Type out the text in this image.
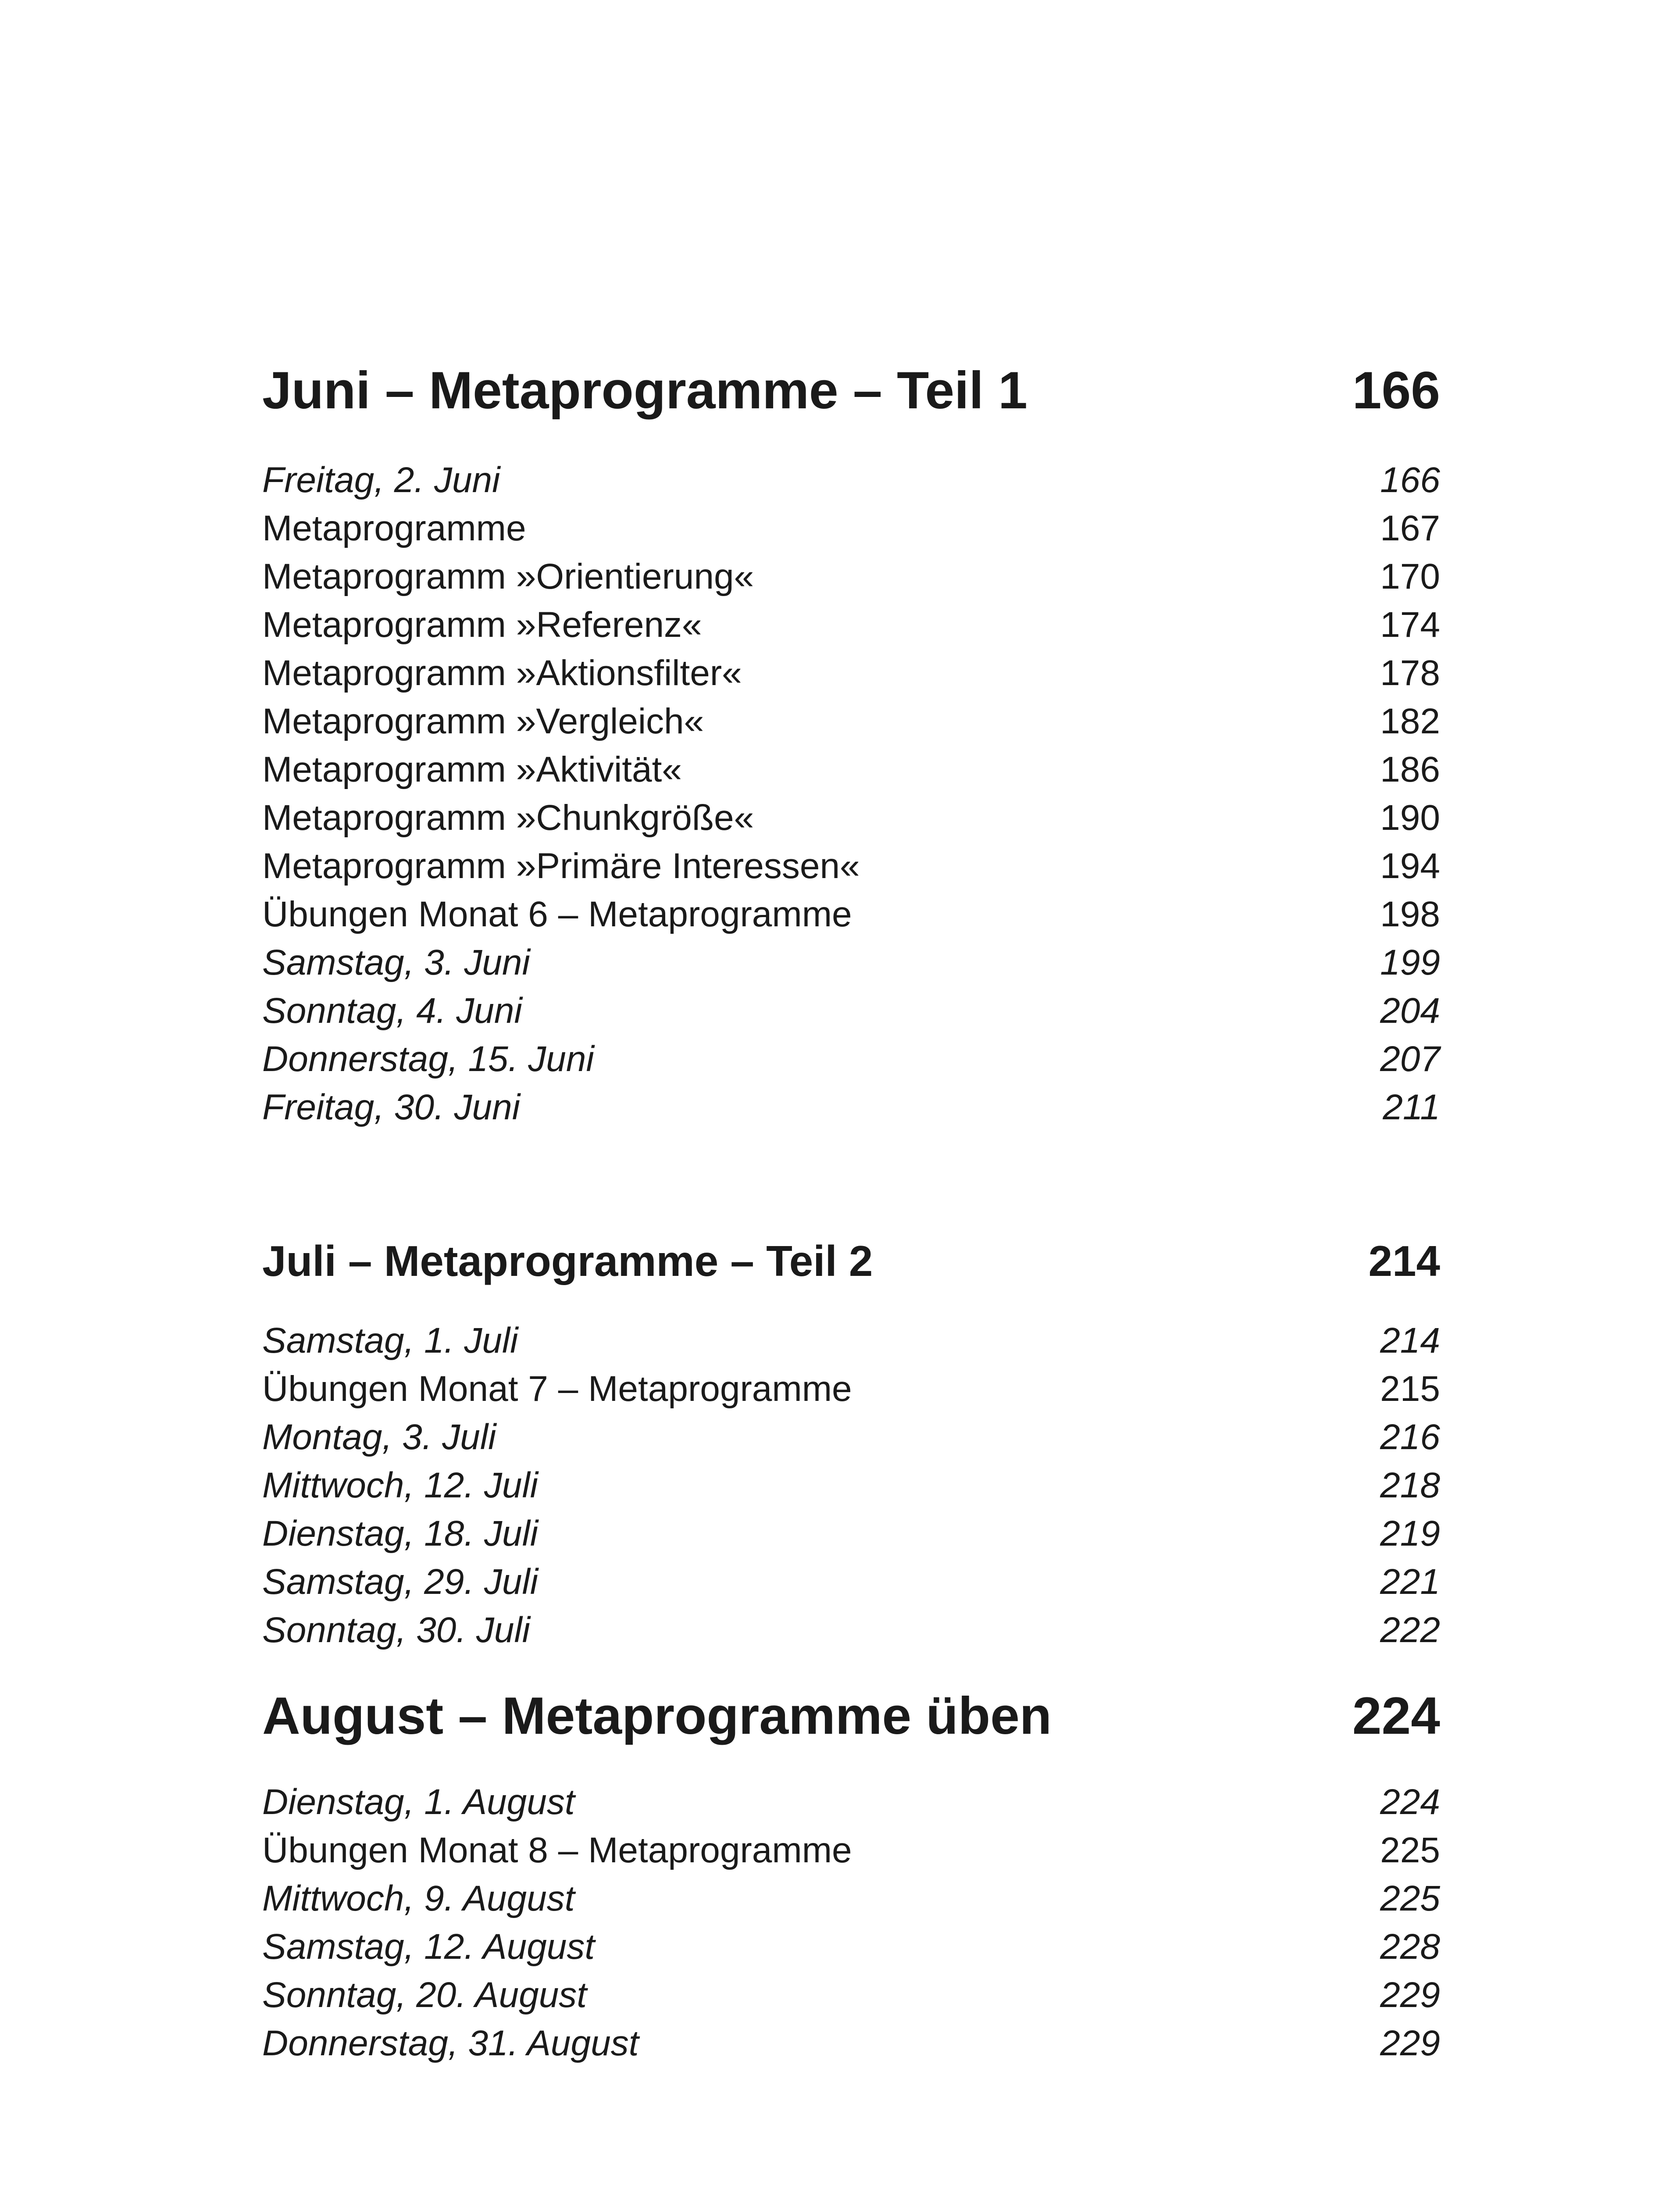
Juni – Metaprogramme – Teil 1	166
Freitag, 2. Juni	166
Metaprogramme	167
Metaprogramm »Orientierung«	170
Metaprogramm »Referenz«	174
Metaprogramm »Aktionsfilter«	178
Metaprogramm »Vergleich«	182
Metaprogramm »Aktivität«	186
Metaprogramm »Chunkgröße«	190
Metaprogramm »Primäre Interessen«	194
Übungen Monat 6 – Metaprogramme	198
Samstag, 3. Juni	199
Sonntag, 4. Juni	204
Donnerstag, 15. Juni	207
Freitag, 30. Juni	211
Juli – Metaprogramme – Teil 2	214
Samstag, 1. Juli	214
Übungen Monat 7 – Metaprogramme	215
Montag, 3. Juli	216
Mittwoch, 12. Juli	218
Dienstag, 18. Juli	219
Samstag, 29. Juli	221
Sonntag, 30. Juli	222
August – Metaprogramme üben	224
Dienstag, 1. August	224
Übungen Monat 8 – Metaprogramme	225
Mittwoch, 9. August	225
Samstag, 12. August	228
Sonntag, 20. August	229
Donnerstag, 31. August	229
